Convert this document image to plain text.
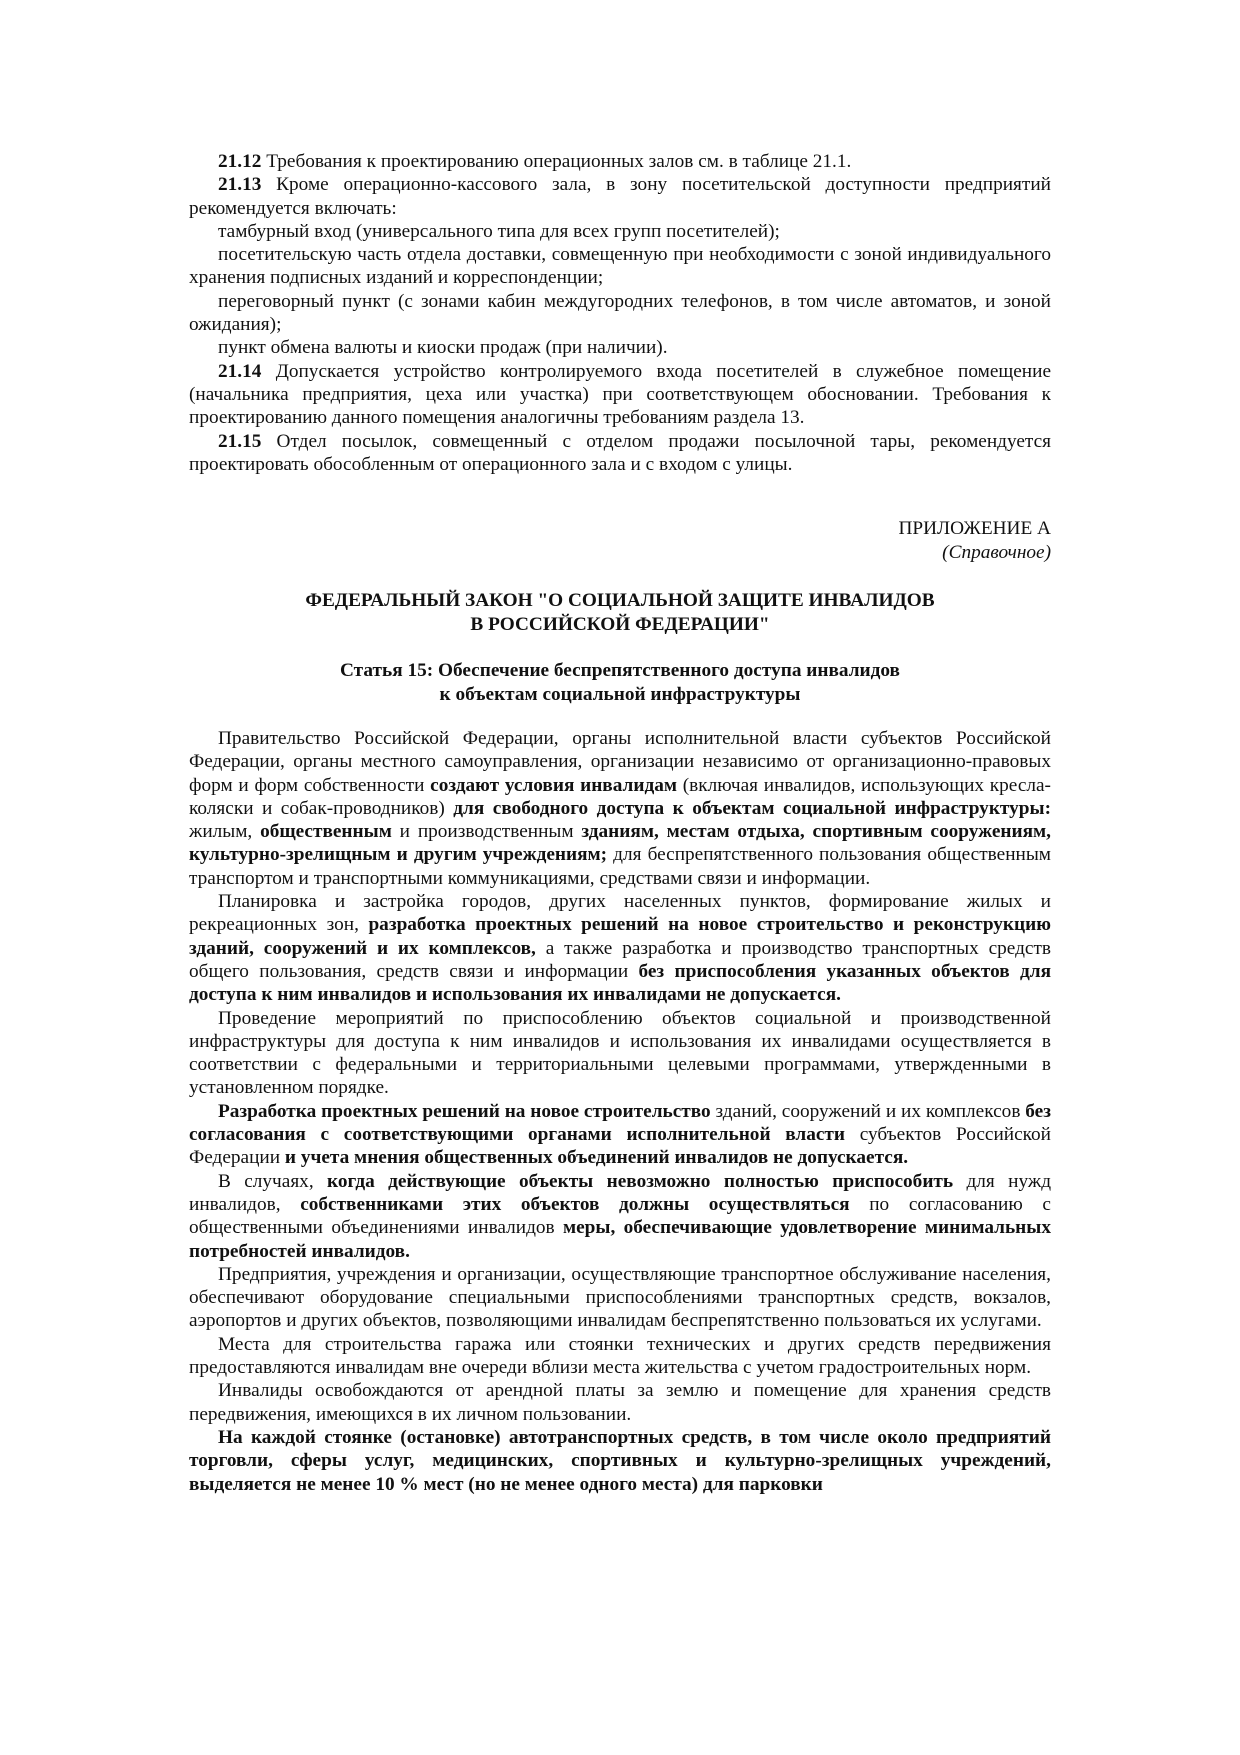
21.12 Требования к проектированию операционных залов см. в таблице 21.1.

21.13 Кроме операционно-кассового зала, в зону посетительской доступности предприятий рекомендуется включать:

тамбурный вход (универсального типа для всех групп посетителей);

посетительскую часть отдела доставки, совмещенную при необходимости с зоной индивидуального хранения подписных изданий и корреспонденции;

переговорный пункт (с зонами кабин междугородних телефонов, в том числе автоматов, и зоной ожидания);

пункт обмена валюты и киоски продаж (при наличии).

21.14 Допускается устройство контролируемого входа посетителей в служебное помещение (начальника предприятия, цеха или участка) при соответствующем обосновании. Требования к проектированию данного помещения аналогичны требованиям раздела 13.

21.15 Отдел посылок, совмещенный с отделом продажи посылочной тары, рекомендуется проектировать обособленным от операционного зала и с входом с улицы.

ПРИЛОЖЕНИЕ А
(Справочное)
ФЕДЕРАЛЬНЫЙ ЗАКОН "О СОЦИАЛЬНОЙ ЗАЩИТЕ ИНВАЛИДОВ
В РОССИЙСКОЙ ФЕДЕРАЦИИ"
Статья 15: Обеспечение беспрепятственного доступа инвалидов
к объектам социальной инфраструктуры

Правительство Российской Федерации, органы исполнительной власти субъектов Российской Федерации, органы местного самоуправления, организации независимо от организационно-правовых форм и форм собственности создают условия инвалидам (включая инвалидов, использующих кресла-коляски и собак-проводников) для свободного доступа к объектам социальной инфраструктуры: жилым, общественным и производственным зданиям, местам отдыха, спортивным сооружениям, культурно-зрелищным и другим учреждениям; для беспрепятственного пользования общественным транспортом и транспортными коммуникациями, средствами связи и информации.

Планировка и застройка городов, других населенных пунктов, формирование жилых и рекреационных зон, разработка проектных решений на новое строительство и реконструкцию зданий, сооружений и их комплексов, а также разработка и производство транспортных средств общего пользования, средств связи и информации без приспособления указанных объектов для доступа к ним инвалидов и использования их инвалидами не допускается.

Проведение мероприятий по приспособлению объектов социальной и производственной инфраструктуры для доступа к ним инвалидов и использования их инвалидами осуществляется в соответствии с федеральными и территориальными целевыми программами, утвержденными в установленном порядке.

Разработка проектных решений на новое строительство зданий, сооружений и их комплексов без согласования с соответствующими органами исполнительной власти субъектов Российской Федерации и учета мнения общественных объединений инвалидов не допускается.

В случаях, когда действующие объекты невозможно полностью приспособить для нужд инвалидов, собственниками этих объектов должны осуществляться по согласованию с общественными объединениями инвалидов меры, обеспечивающие удовлетворение минимальных потребностей инвалидов.

Предприятия, учреждения и организации, осуществляющие транспортное обслуживание населения, обеспечивают оборудование специальными приспособлениями транспортных средств, вокзалов, аэропортов и других объектов, позволяющими инвалидам беспрепятственно пользоваться их услугами.

Места для строительства гаража или стоянки технических и других средств передвижения предоставляются инвалидам вне очереди вблизи места жительства с учетом градостроительных норм.

Инвалиды освобождаются от арендной платы за землю и помещение для хранения средств передвижения, имеющихся в их личном пользовании.

На каждой стоянке (остановке) автотранспортных средств, в том числе около предприятий торговли, сферы услуг, медицинских, спортивных и культурно-зрелищных учреждений, выделяется не менее 10 % мест (но не менее одного места) для парковки
